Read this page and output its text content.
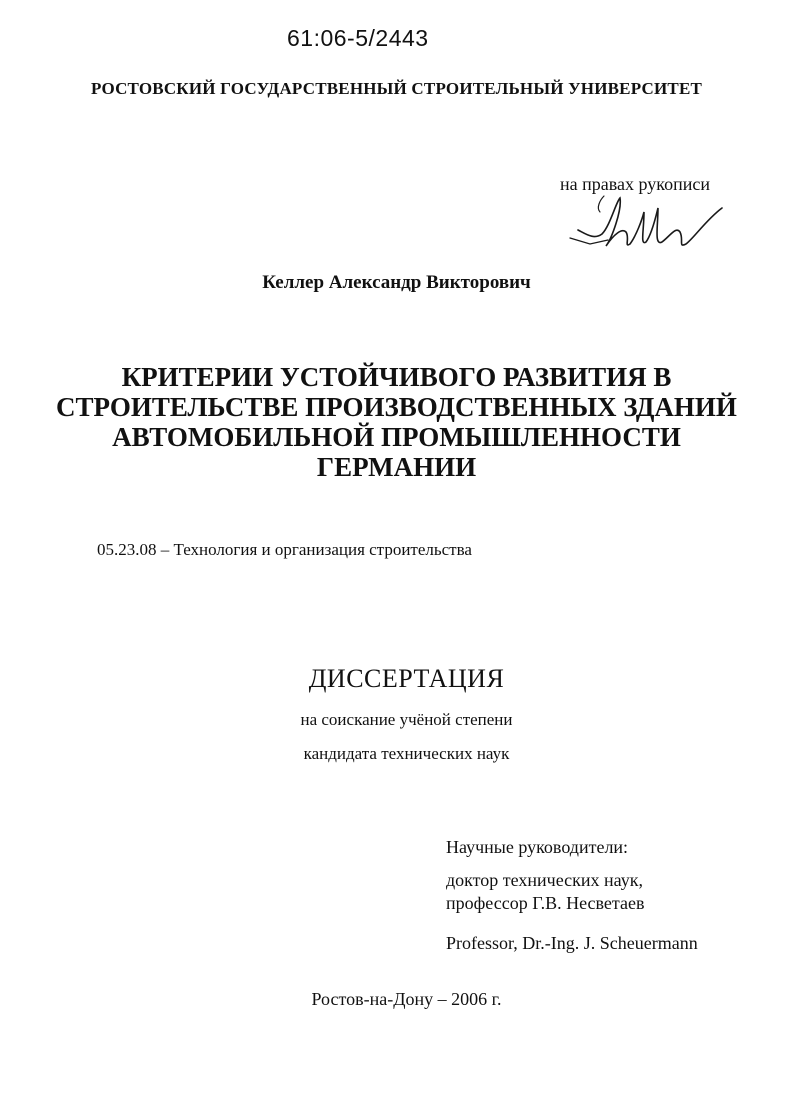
61:06-5/2443
РОСТОВСКИЙ ГОСУДАРСТВЕННЫЙ СТРОИТЕЛЬНЫЙ УНИВЕРСИТЕТ
на правах рукописи
Келлер Александр Викторович
КРИТЕРИИ УСТОЙЧИВОГО РАЗВИТИЯ В
СТРОИТЕЛЬСТВЕ ПРОИЗВОДСТВЕННЫХ ЗДАНИЙ
АВТОМОБИЛЬНОЙ ПРОМЫШЛЕННОСТИ
ГЕРМАНИИ
05.23.08 – Технология и организация строительства
ДИССЕРТАЦИЯ
на соискание учёной степени
кандидата технических наук
Научные руководители:
доктор технических наук,
профессор Г.В. Несветаев
Professor, Dr.-Ing. J. Scheuermann
Ростов-на-Дону – 2006 г.
